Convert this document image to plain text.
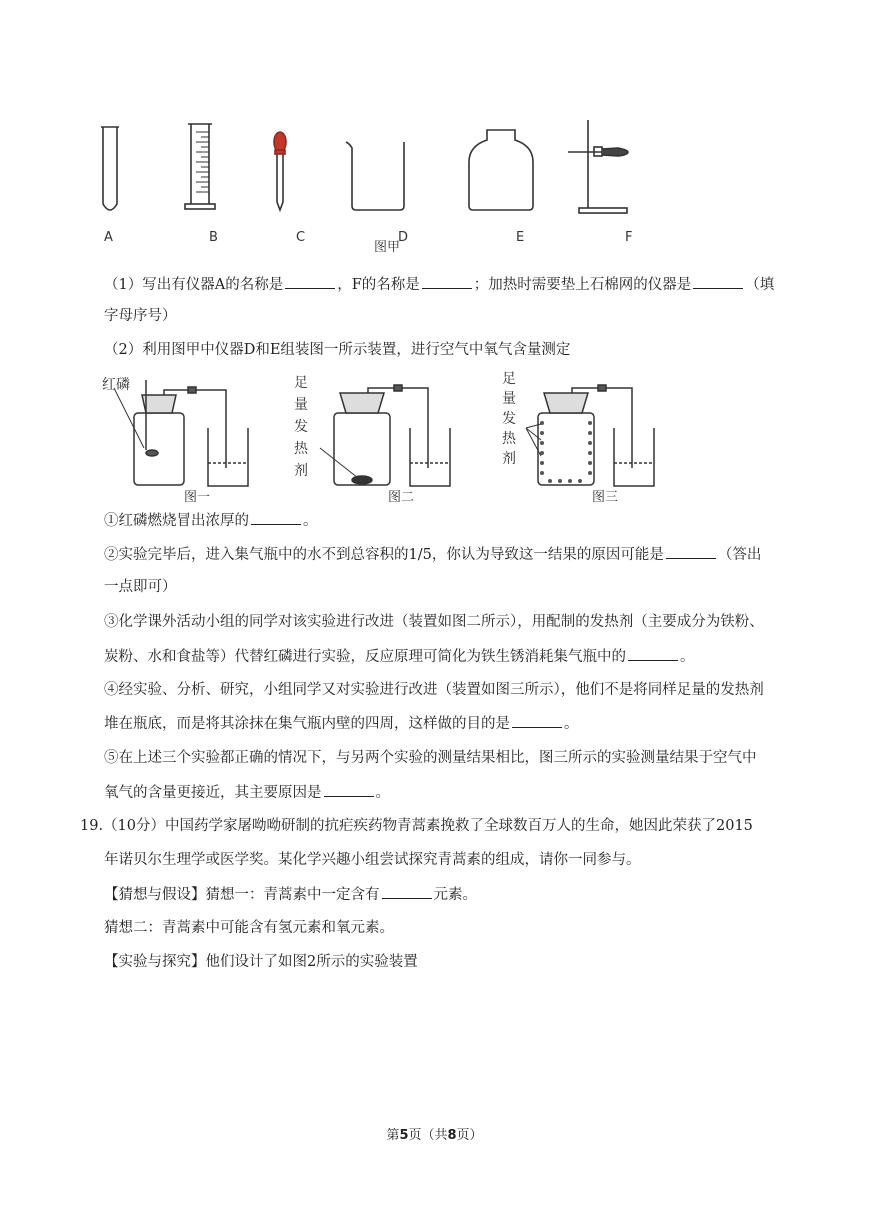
A	B	C
图甲
D	E	F
（1）写出有仪器A的名称是	，F的名称是	；加热时需要垫上石棉网的仪器是	（填
字母序号）
（2）利用图甲中仪器D和E组装图一所示装置，进行空气中氧气含量测定
红磷
图一
足
量
发
热
剂
图二
足
量
发
热
剂
图三
①红磷燃烧冒出浓厚的	。
②实验完毕后，进入集气瓶中的水不到总容积的1/5，你认为导致这一结果的原因可能是	（答出
一点即可）
③化学课外活动小组的同学对该实验进行改进（装置如图二所示），用配制的发热剂（主要成分为铁粉、
炭粉、水和食盐等）代替红磷进行实验，反应原理可简化为铁生锈消耗集气瓶中的	。
④经实验、分析、研究，小组同学又对实验进行改进（装置如图三所示），他们不是将同样足量的发热剂
堆在瓶底，而是将其涂抹在集气瓶内壁的四周，这样做的目的是	。
⑤在上述三个实验都正确的情况下，与另两个实验的测量结果相比，图三所示的实验测量结果于空气中
氧气的含量更接近，其主要原因是	。
19.（10分）中国药学家屠呦呦研制的抗疟疾药物青蒿素挽救了全球数百万人的生命，她因此荣获了2015
年诺贝尔生理学或医学奖。某化学兴趣小组尝试探究青蒿素的组成，请你一同参与。
【猜想与假设】猜想一：青蒿素中一定含有	元素。
猜想二：青蒿素中可能含有氢元素和氧元素。
【实验与探究】他们设计了如图2所示的实验装置
第5页（共8页）
